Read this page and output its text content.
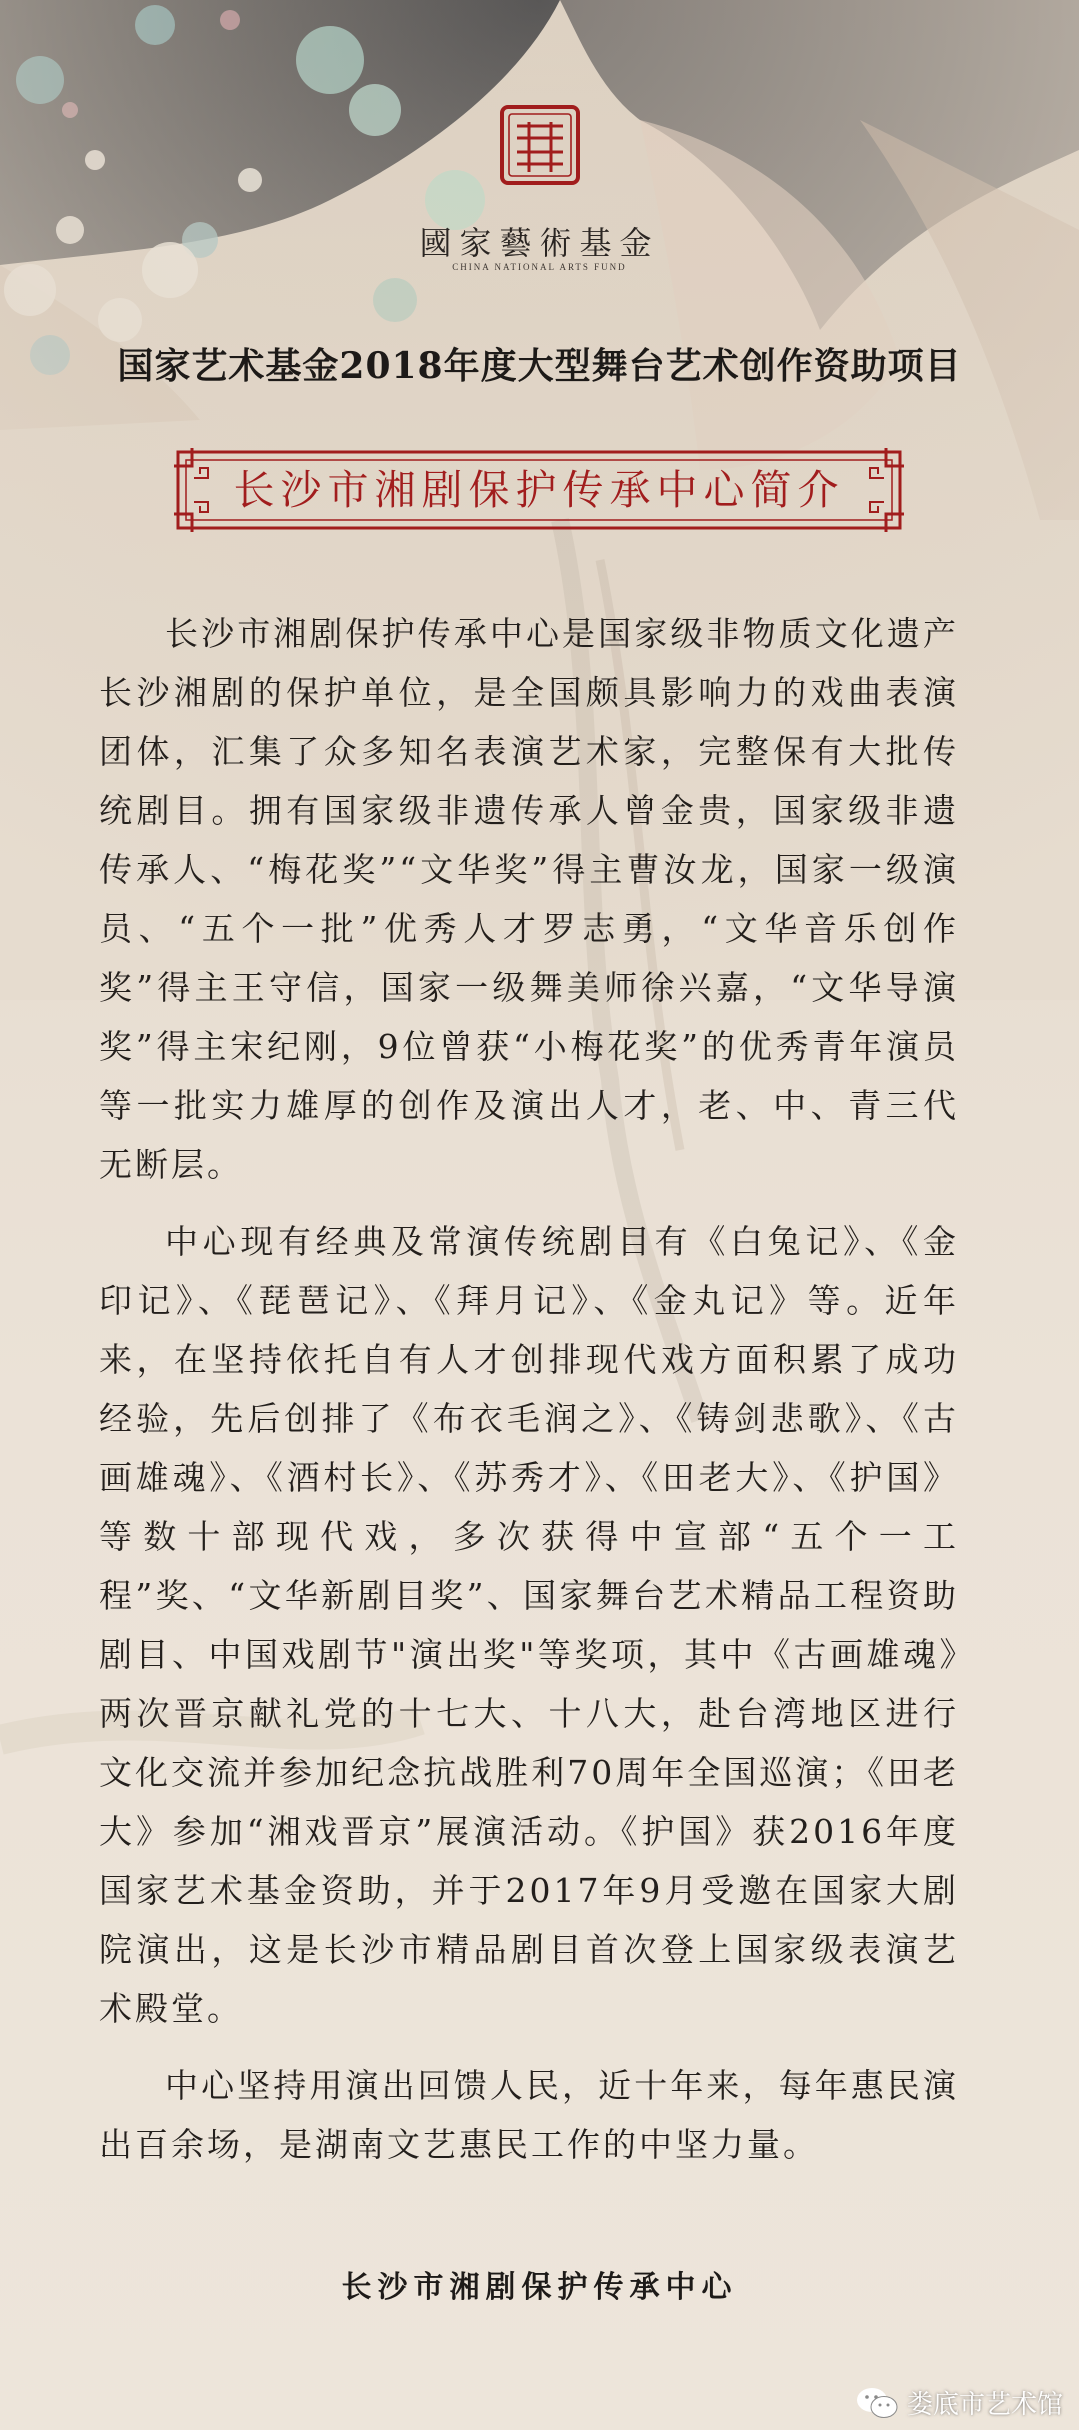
國家藝術基金
CHINA NATIONAL ARTS FUND
国家艺术基金2018年度大型舞台艺术创作资助项目
长沙市湘剧保护传承中心简介

长沙市湘剧保护传承中心是国家级非物质文化遗产长沙湘剧的保护单位，是全国颇具影响力的戏曲表演团体，汇集了众多知名表演艺术家，完整保有大批传统剧目。拥有国家级非遗传承人曾金贵，国家级非遗传承人、“梅花奖”“文华奖”得主曹汝龙，国家一级演员、“五个一批”优秀人才罗志勇，“文华音乐创作奖”得主王守信，国家一级舞美师徐兴嘉，“文华导演奖”得主宋纪刚，9位曾获“小梅花奖”的优秀青年演员等一批实力雄厚的创作及演出人才，老、中、青三代无断层。

中心现有经典及常演传统剧目有《白兔记》、《金印记》、《琵琶记》、《拜月记》、《金丸记》等。近年来，在坚持依托自有人才创排现代戏方面积累了成功经验，先后创排了《布衣毛润之》、《铸剑悲歌》、《古画雄魂》、《酒村长》、《苏秀才》、《田老大》、《护国》等数十部现代戏，多次获得中宣部“五个一工程”奖、“文华新剧目奖”、国家舞台艺术精品工程资助剧目、中国戏剧节"演出奖"等奖项，其中《古画雄魂》两次晋京献礼党的十七大、十八大，赴台湾地区进行文化交流并参加纪念抗战胜利70周年全国巡演；《田老大》参加“湘戏晋京”展演活动。《护国》获2016年度国家艺术基金资助，并于2017年9月受邀在国家大剧院演出，这是长沙市精品剧目首次登上国家级表演艺术殿堂。

中心坚持用演出回馈人民，近十年来，每年惠民演出百余场，是湖南文艺惠民工作的中坚力量。

长沙市湘剧保护传承中心
娄底市艺术馆
